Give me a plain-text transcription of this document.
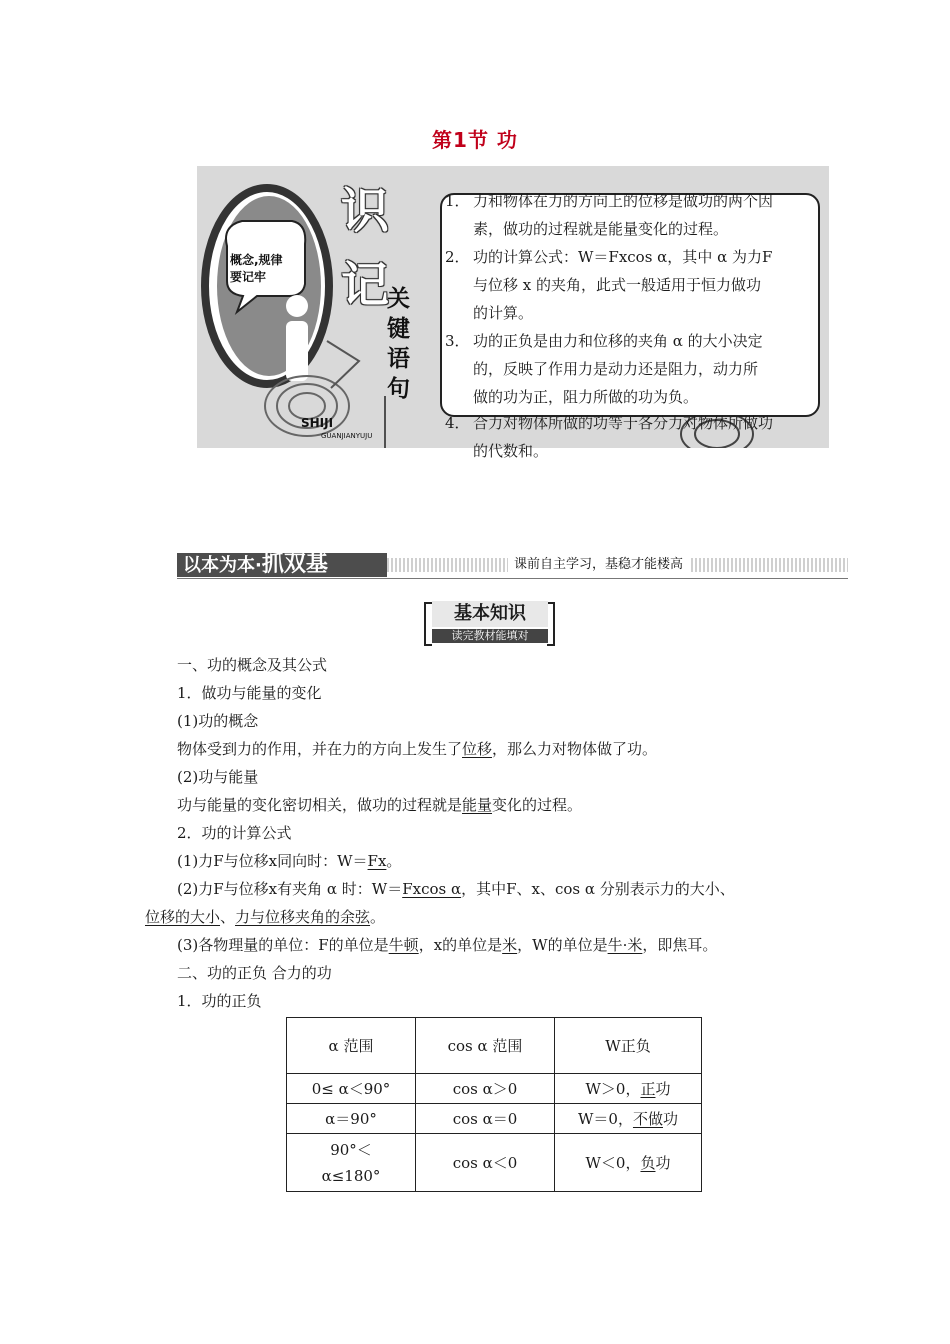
第1节 功
概念,规律要记牢
识
记
关键语句
SHIJI
GUANJIANYUJU
1． 力和物体在力的方向上的位移是做功的两个因
素，做功的过程就是能量变化的过程。
2． 功的计算公式：W＝Fxcos α，其中 α 为力F
与位移 x 的夹角，此式一般适用于恒力做功
的计算。
3． 功的正负是由力和位移的夹角 α 的大小决定
的，反映了作用力是动力还是阻力，动力所
做的功为正，阻力所做的功为负。
4． 合力对物体所做的功等于各分力对物体所做功
的代数和。
以本为本·抓双基	课前自主学习，基稳才能楼高
基本知识
读完教材能填对
一、功的概念及其公式
1．做功与能量的变化
(1)功的概念
物体受到力的作用，并在力的方向上发生了位移，那么力对物体做了功。
(2)功与能量
功与能量的变化密切相关，做功的过程就是能量变化的过程。
2．功的计算公式
(1)力F与位移x同向时：W＝Fx。
(2)力F与位移x有夹角 α 时：W＝Fxcos α，其中F、x、cos α 分别表示力的大小、
位移的大小、力与位移夹角的余弦。
(3)各物理量的单位：F的单位是牛顿，x的单位是米，W的单位是牛·米，即焦耳。
二、功的正负 合力的功
1．功的正负
α 范围	cos α 范围	W正负
0≤ α＜90°	cos α＞0	W＞0，正功
α＝90°	cos α＝0	W＝0，不做功
90°＜ α≤180°	cos α＜0	W＜0，负功
